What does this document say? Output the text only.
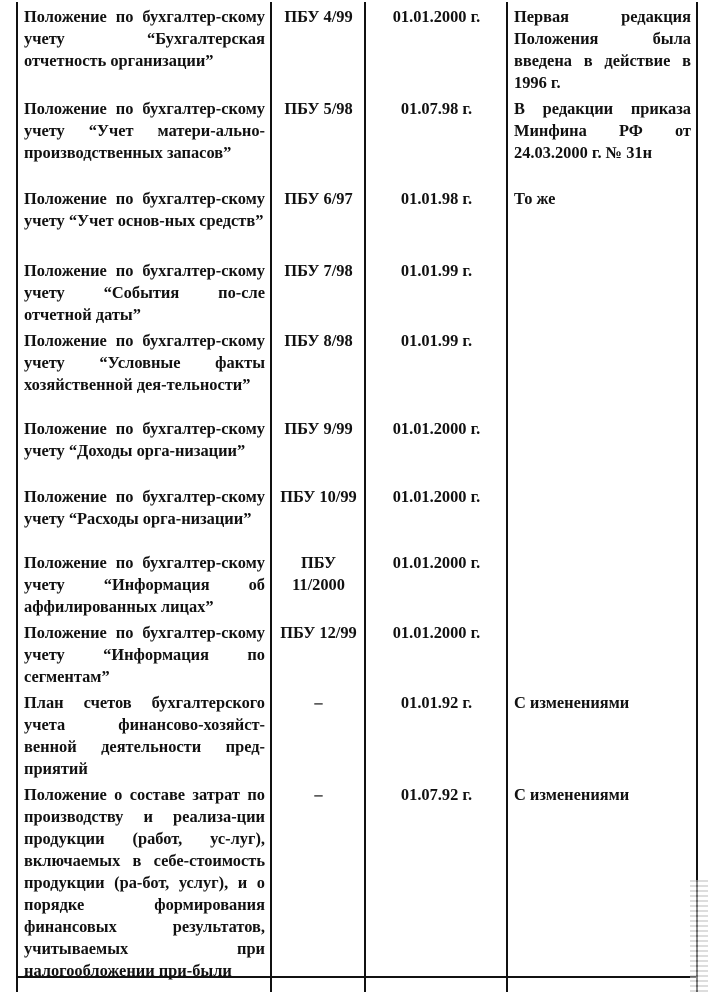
Положение по бухгалтер-скому учету “Бухгалтерская отчетность организации”	ПБУ 4/99	01.01.2000 г.	Первая редакция Положения была введена в действие в 1996 г.
Положение по бухгалтер-скому учету “Учет матери-ально-производственных запасов”	ПБУ 5/98	01.07.98 г.	В редакции приказа Минфина РФ от 24.03.2000 г. № 31н
Положение по бухгалтер-скому учету “Учет основ-ных средств”	ПБУ 6/97	01.01.98 г.	То же
Положение по бухгалтер-скому учету “События по-сле отчетной даты”	ПБУ 7/98	01.01.99 г.	
Положение по бухгалтер-скому учету “Условные факты хозяйственной дея-тельности”	ПБУ 8/98	01.01.99 г.	
Положение по бухгалтер-скому учету “Доходы орга-низации”	ПБУ 9/99	01.01.2000 г.	
Положение по бухгалтер-скому учету “Расходы орга-низации”	ПБУ 10/99	01.01.2000 г.	
Положение по бухгалтер-скому учету “Информация об аффилированных лицах”	ПБУ 11/2000	01.01.2000 г.	
Положение по бухгалтер-скому учету “Информация по сегментам”	ПБУ 12/99	01.01.2000 г.	
План счетов бухгалтерского учета финансово-хозяйст-венной деятельности пред-приятий	–	01.01.92 г.	С изменениями
Положение о составе затрат по производству и реализа-ции продукции (работ, ус-луг), включаемых в себе-стоимость продукции (ра-бот, услуг), и о порядке формирования финансовых результатов, учитываемых при налогообложении при-были	–	01.07.92 г.	С изменениями
